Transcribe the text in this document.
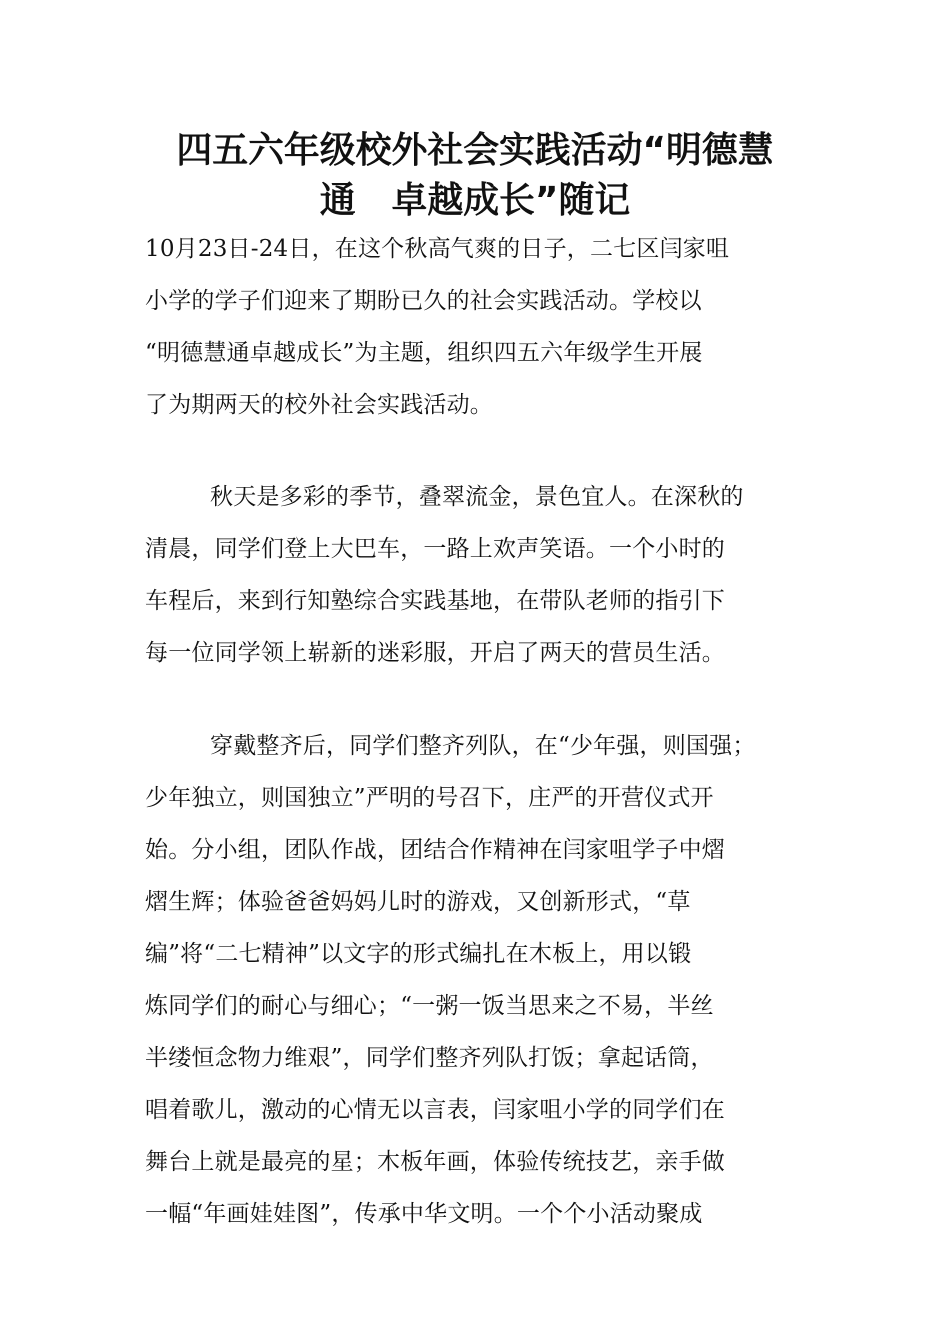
四五六年级校外社会实践活动“明德慧
通　卓越成长”随记
10月23日-24日，在这个秋高气爽的日子，二七区闫家咀
小学的学子们迎来了期盼已久的社会实践活动。学校以
“明德慧通卓越成长”为主题，组织四五六年级学生开展
了为期两天的校外社会实践活动。
秋天是多彩的季节，叠翠流金，景色宜人。在深秋的
清晨，同学们登上大巴车，一路上欢声笑语。一个小时的
车程后，来到行知塾综合实践基地，在带队老师的指引下
每一位同学领上崭新的迷彩服，开启了两天的营员生活。
穿戴整齐后，同学们整齐列队，在“少年强，则国强；
少年独立，则国独立”严明的号召下，庄严的开营仪式开
始。分小组，团队作战，团结合作精神在闫家咀学子中熠
熠生辉；体验爸爸妈妈儿时的游戏，又创新形式，“草
编”将“二七精神”以文字的形式编扎在木板上，用以锻
炼同学们的耐心与细心；“一粥一饭当思来之不易，半丝
半缕恒念物力维艰”，同学们整齐列队打饭；拿起话筒，
唱着歌儿，激动的心情无以言表，闫家咀小学的同学们在
舞台上就是最亮的星；木板年画，体验传统技艺，亲手做
一幅“年画娃娃图”，传承中华文明。一个个小活动聚成
